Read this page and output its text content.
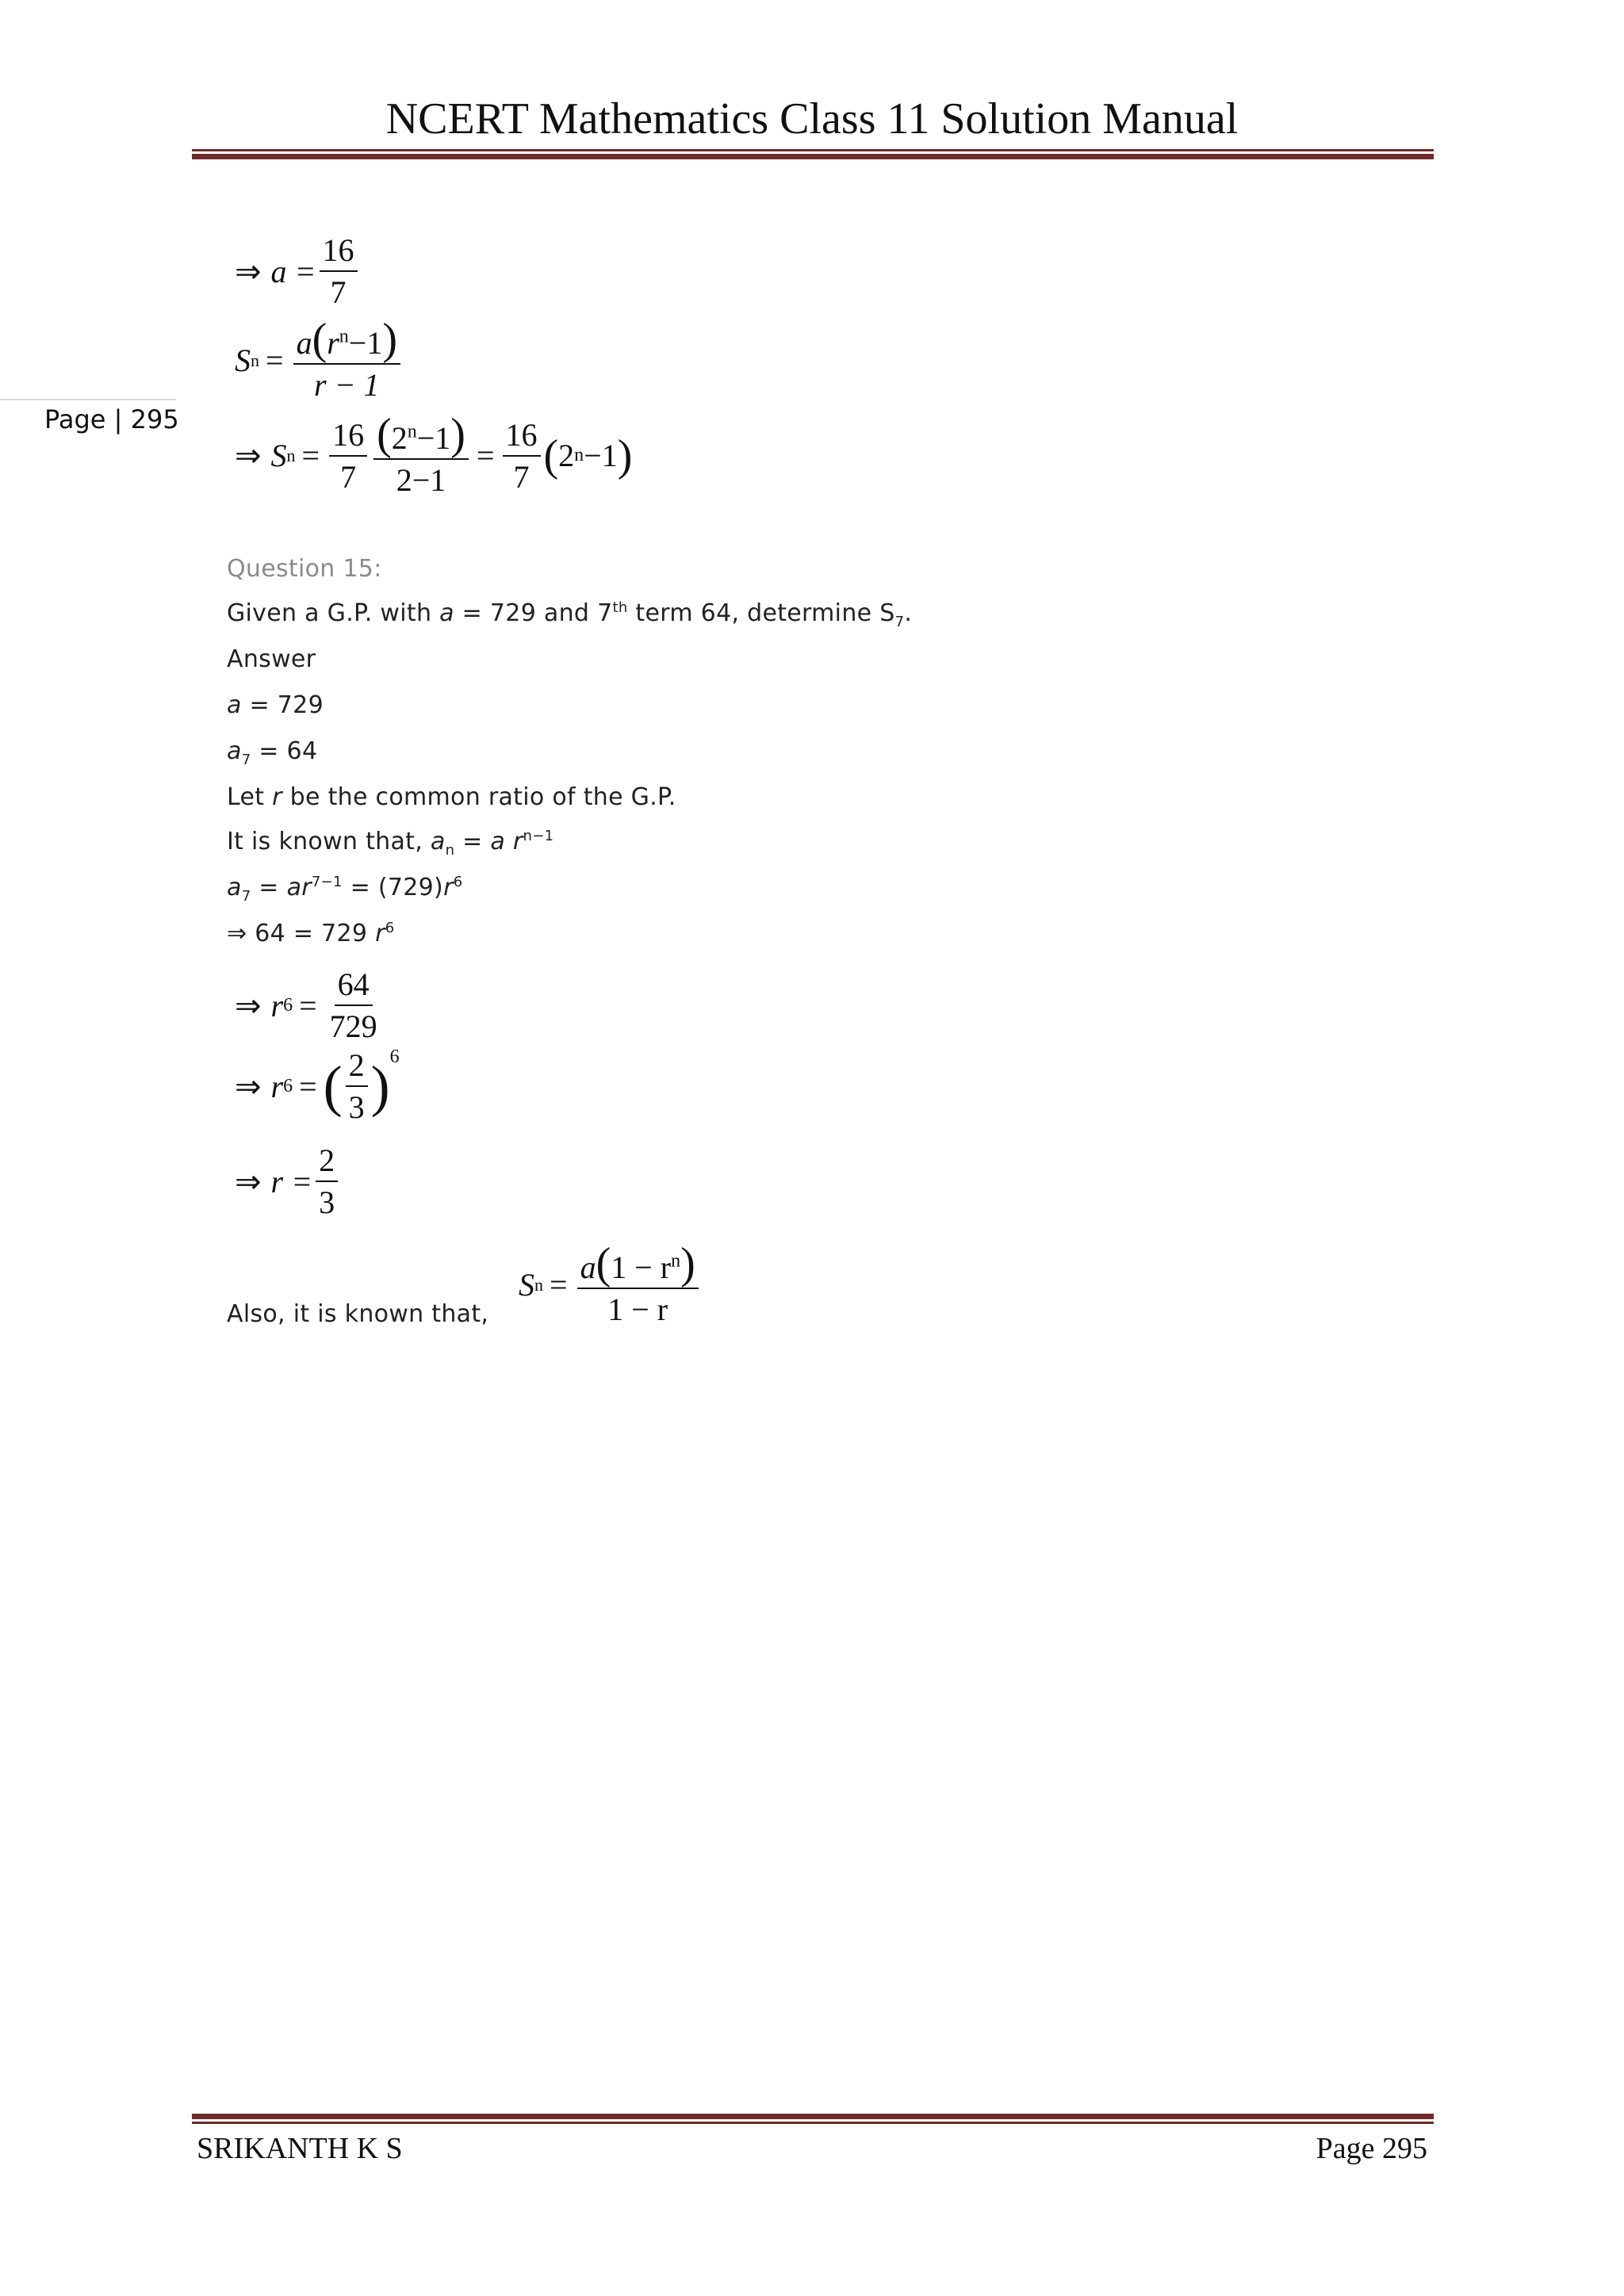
NCERT Mathematics Class 11 Solution Manual
Page | 295
⇒ $a = \frac{16}{7}$
S $n = \frac{a(r^n-1)}{r - 1}$
⇒ S $n = \frac{16}{7} \frac{(2^n-1)}{2-1} = \frac{16}{7}$ ( 2 n −1 )
Question 15:
Given a G.P. with a = 729 and 7th term 64, determine $S_7$.
Answer
a = 729
$a_7 = 64$
Let r be the common ratio of the G.P.
It is known that, $a_n = a$ $r^{n-1}$
$a_7 = ar^{7-1} = (729)r^6$
⇒ 64 = 729 $r^6$
⇒ r $6 = \frac{64}{729}$
⇒ r 6 = ( $\frac{2}{3} )^6$
⇒ $r = \frac{2}{3}$
Also, it is known that,
S $n = \frac{a(1 - r^n)}{1 - r}$
SRIKANTH K S	Page 295
